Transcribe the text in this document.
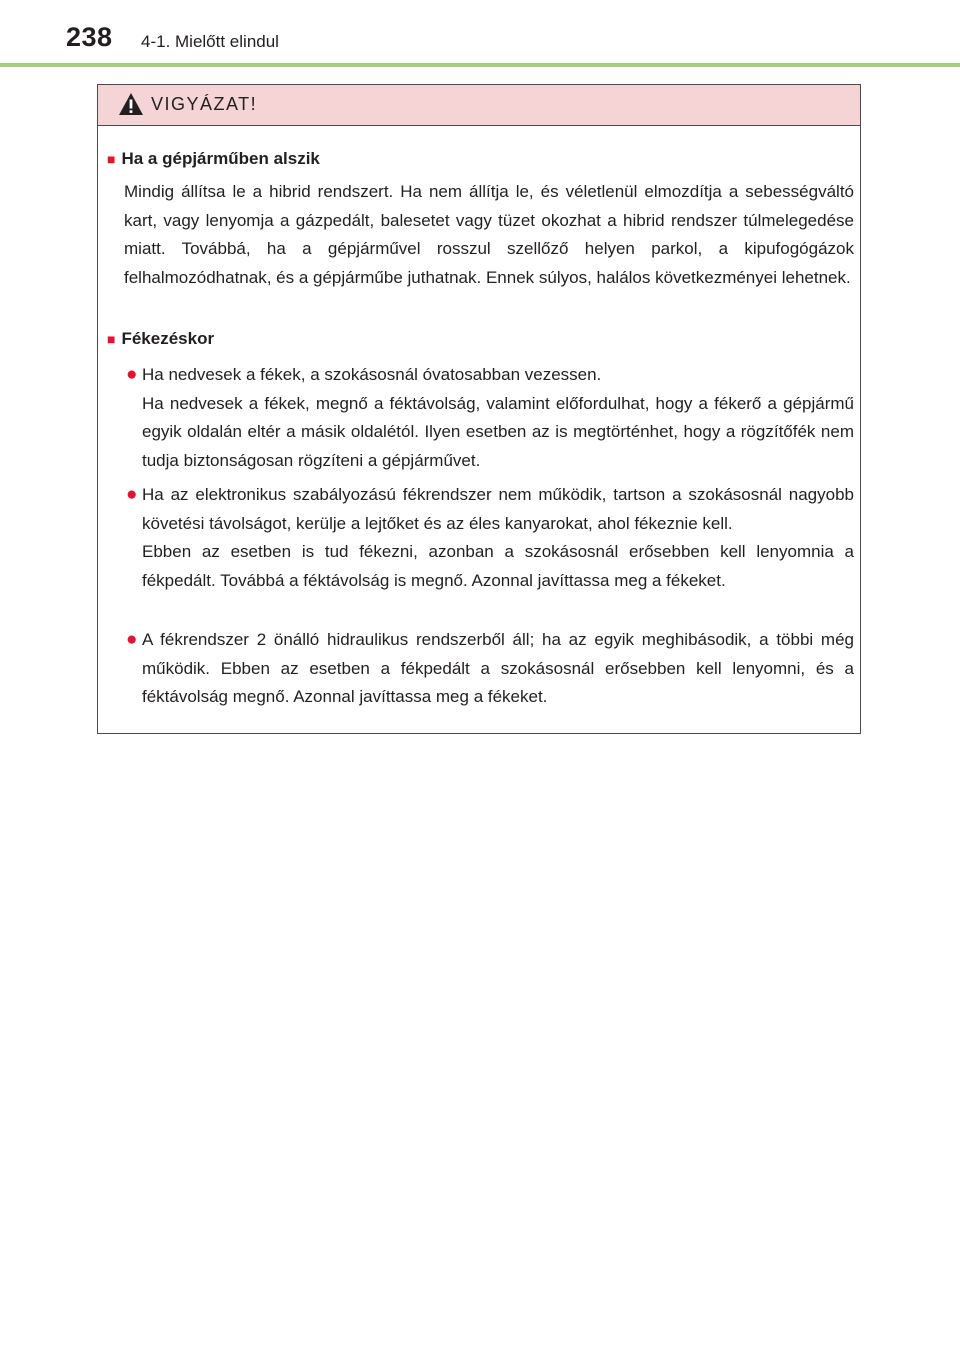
238 4-1. Mielőtt elindul
VIGYÁZAT!
■ Ha a gépjárműben alszik
Mindig állítsa le a hibrid rendszert. Ha nem állítja le, és véletlenül elmozdítja a sebességváltó kart, vagy lenyomja a gázpedált, balesetet vagy tüzet okozhat a hibrid rendszer túlmelegedése miatt. Továbbá, ha a gépjárművel rosszul szellőző helyen parkol, a kipufogógázok felhalmozódhatnak, és a gépjárműbe juthatnak. Ennek súlyos, halálos következményei lehetnek.
■ Fékezéskor
● Ha nedvesek a fékek, a szokásosnál óvatosabban vezessen.

Ha nedvesek a fékek, megnő a féktávolság, valamint előfordulhat, hogy a fékerő a gépjármű egyik oldalán eltér a másik oldalétól. Ilyen esetben az is megtörténhet, hogy a rögzítőfék nem tudja biztonságosan rögzíteni a gépjárművet.

● Ha az elektronikus szabályozású fékrendszer nem működik, tartson a szokásosnál nagyobb követési távolságot, kerülje a lejtőket és az éles kanyarokat, ahol fékeznie kell.

Ebben az esetben is tud fékezni, azonban a szokásosnál erősebben kell lenyomnia a fékpedált. Továbbá a féktávolság is megnő. Azonnal javíttassa meg a fékeket.

● A fékrendszer 2 önálló hidraulikus rendszerből áll; ha az egyik meghibásodik, a többi még működik. Ebben az esetben a fékpedált a szokásosnál erősebben kell lenyomni, és a féktávolság megnő. Azonnal javíttassa meg a fékeket.
